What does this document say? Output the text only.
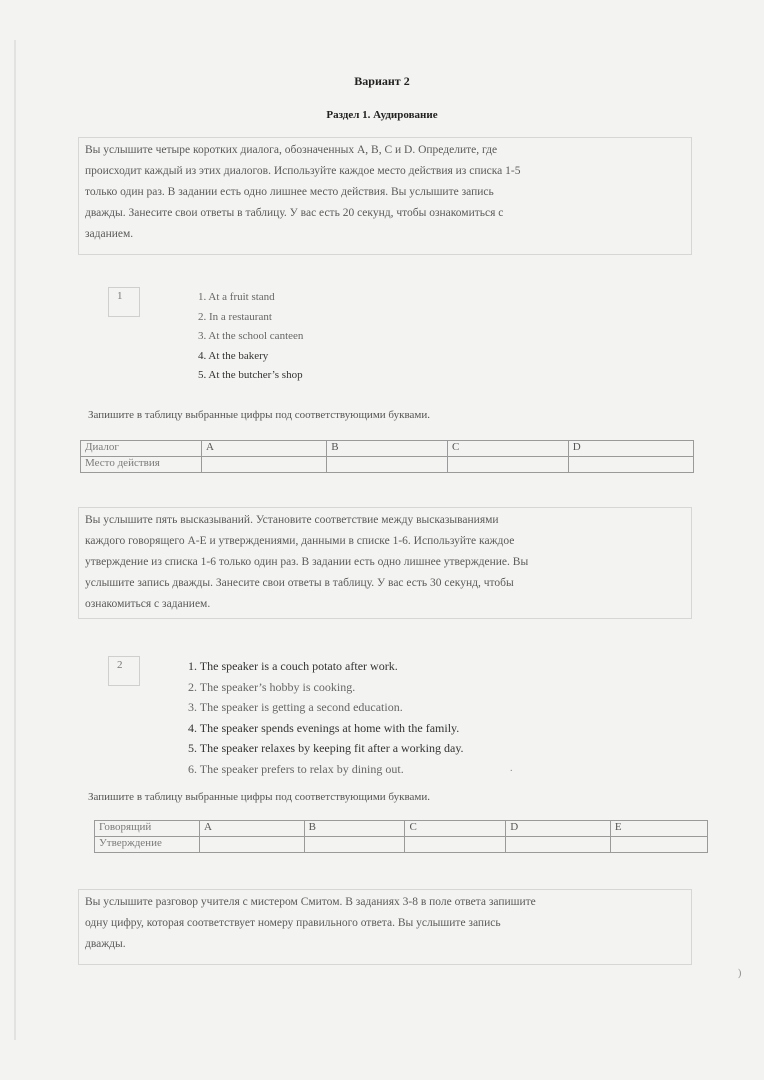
Вариант 2
Раздел 1. Аудирование
Вы услышите четыре коротких диалога, обозначенных A, B, C и D. Определите, где
происходит каждый из этих диалогов. Используйте каждое место действия из списка 1-5
только один раз. В задании есть одно лишнее место действия. Вы услышите запись
дважды. Занесите свои ответы в таблицу. У вас есть 20 секунд, чтобы ознакомиться с
заданием.
1	1. At a fruit stand
2. In a restaurant
3. At the school canteen
4. At the bakery
5. At the butcher’s shop
Запишите в таблицу выбранные цифры под соответствующими буквами.
Диалог	A	B	C	D
Место действия				
Вы услышите пять высказываний. Установите соответствие между высказываниями
каждого говорящего A-E и утверждениями, данными в списке 1-6. Используйте каждое
утверждение из списка 1-6 только один раз. В задании есть одно лишнее утверждение. Вы
услышите запись дважды. Занесите свои ответы в таблицу. У вас есть 30 секунд, чтобы
ознакомиться с заданием.
2	1. The speaker is a couch potato after work.
2. The speaker’s hobby is cooking.
3. The speaker is getting a second education.
4. The speaker spends evenings at home with the family.
5. The speaker relaxes by keeping fit after a working day.
6. The speaker prefers to relax by dining out.
Запишите в таблицу выбранные цифры под соответствующими буквами.
Говорящий	A	B	C	D	E
Утверждение					
Вы услышите разговор учителя с мистером Смитом. В заданиях 3-8 в поле ответа запишите
одну цифру, которая соответствует номеру правильного ответа. Вы услышите запись
дважды.
)
.
